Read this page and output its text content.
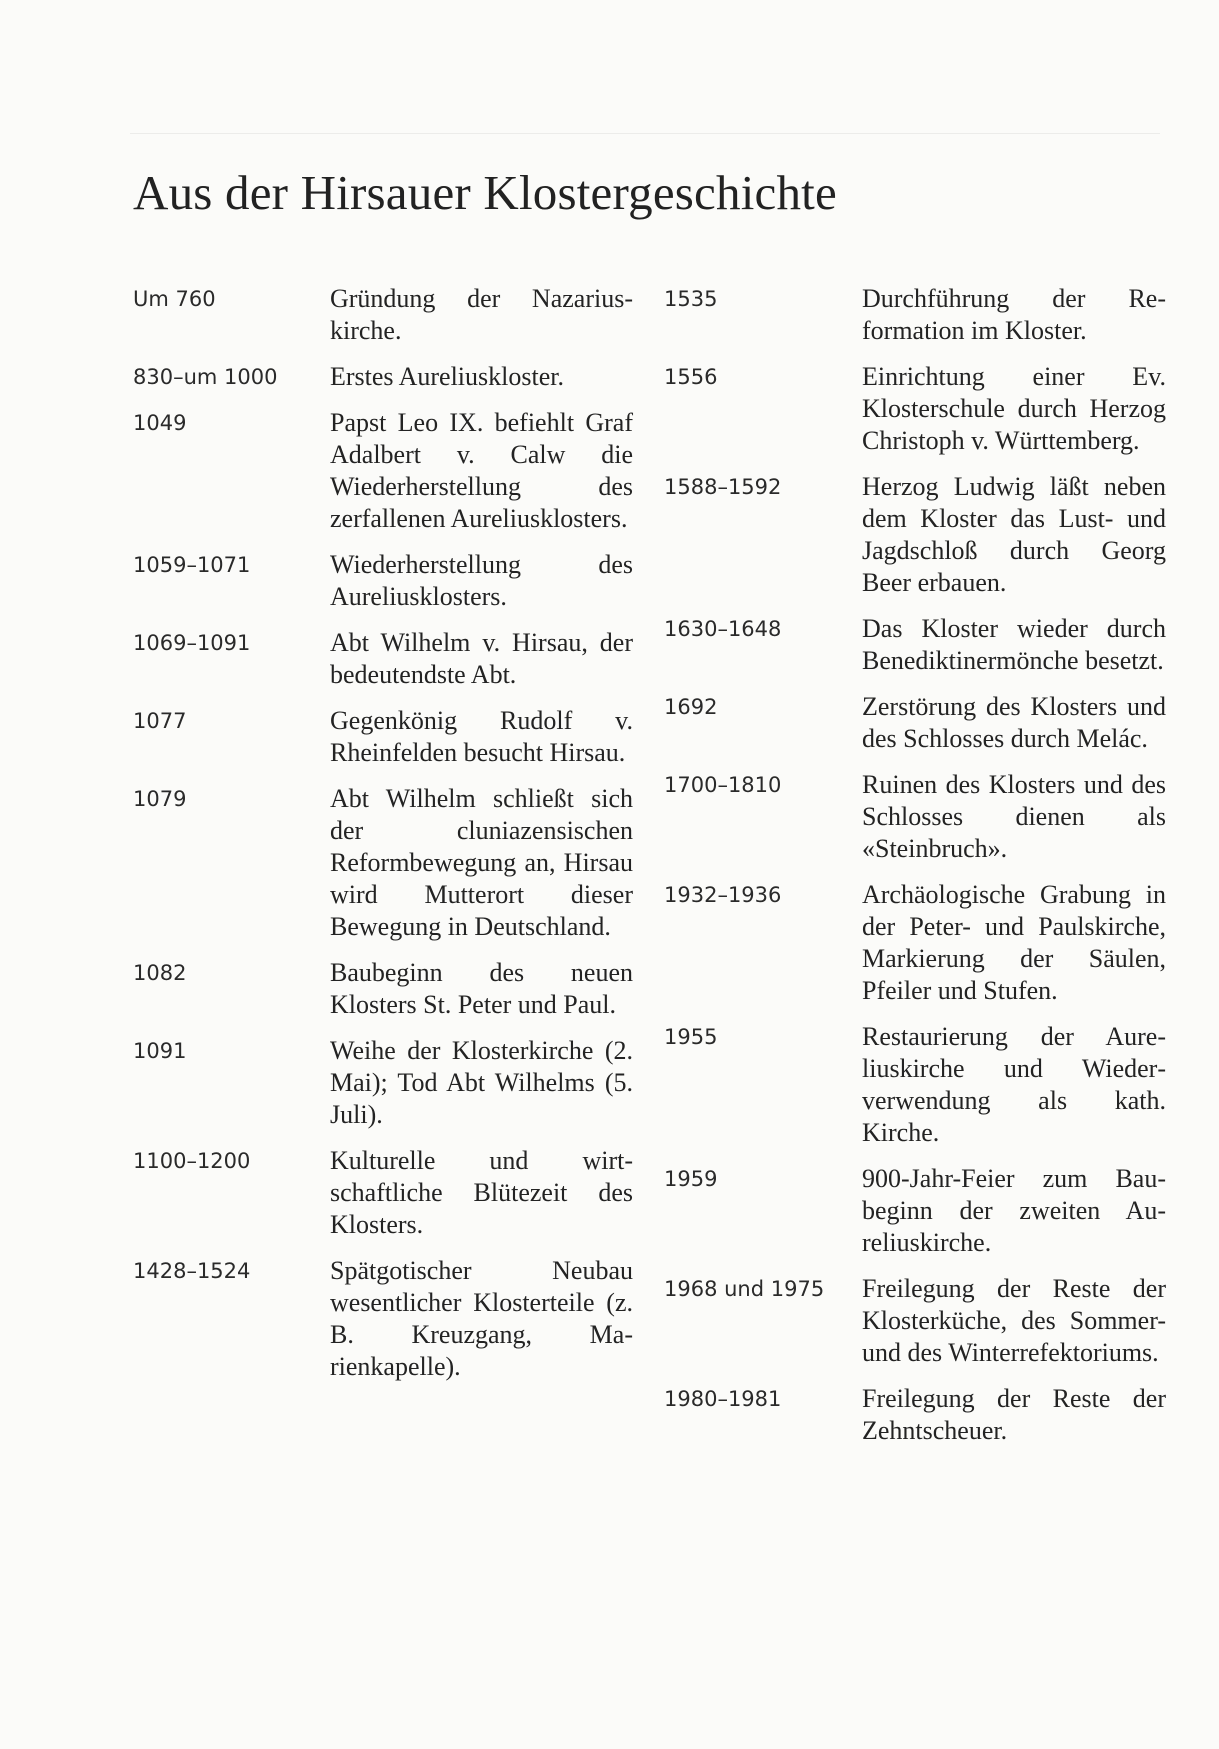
Aus der Hirsauer Klostergeschichte
Um 760	Gründung der Nazariuskirche.
830–um 1000	Erstes Aureliuskloster.
1049	Papst Leo IX. befiehlt Graf Adalbert v. Calw die Wiederherstellung des zerfallenen Aureliusklosters.
1059–1071	Wiederherstellung des Aureliusklosters.
1069–1091	Abt Wilhelm v. Hirsau, der bedeutendste Abt.
1077	Gegenkönig Rudolf v. Rheinfelden besucht Hirsau.
1079	Abt Wilhelm schließt sich der cluniazensischen Reformbewegung an, Hirsau wird Mutterort dieser Bewegung in Deutschland.
1082	Baubeginn des neuen Klosters St. Peter und Paul.
1091	Weihe der Klosterkirche (2. Mai); Tod Abt Wilhelms (5. Juli).
1100–1200	Kulturelle und wirtschaftliche Blütezeit des Klosters.
1428–1524	Spätgotischer Neubau wesentlicher Klosterteile (z. B. Kreuzgang, Marienkapelle).
1535	Durchführung der Reformation im Kloster.
1556	Einrichtung einer Ev. Klosterschule durch Herzog Christoph v. Württemberg.
1588–1592	Herzog Ludwig läßt neben dem Kloster das Lust- und Jagdschloß durch Georg Beer erbauen.
1630–1648	Das Kloster wieder durch Benediktinermönche besetzt.
1692	Zerstörung des Klosters und des Schlosses durch Melác.
1700–1810	Ruinen des Klosters und des Schlosses dienen als «Steinbruch».
1932–1936	Archäologische Grabung in der Peter- und Paulskirche, Markierung der Säulen, Pfeiler und Stufen.
1955	Restaurierung der Aureliuskirche und Wiederverwendung als kath. Kirche.
1959	900-Jahr-Feier zum Baubeginn der zweiten Aureliuskirche.
1968 und 1975	Freilegung der Reste der Klosterküche, des Sommer- und des Winterrefektoriums.
1980–1981	Freilegung der Reste der Zehntscheuer.
